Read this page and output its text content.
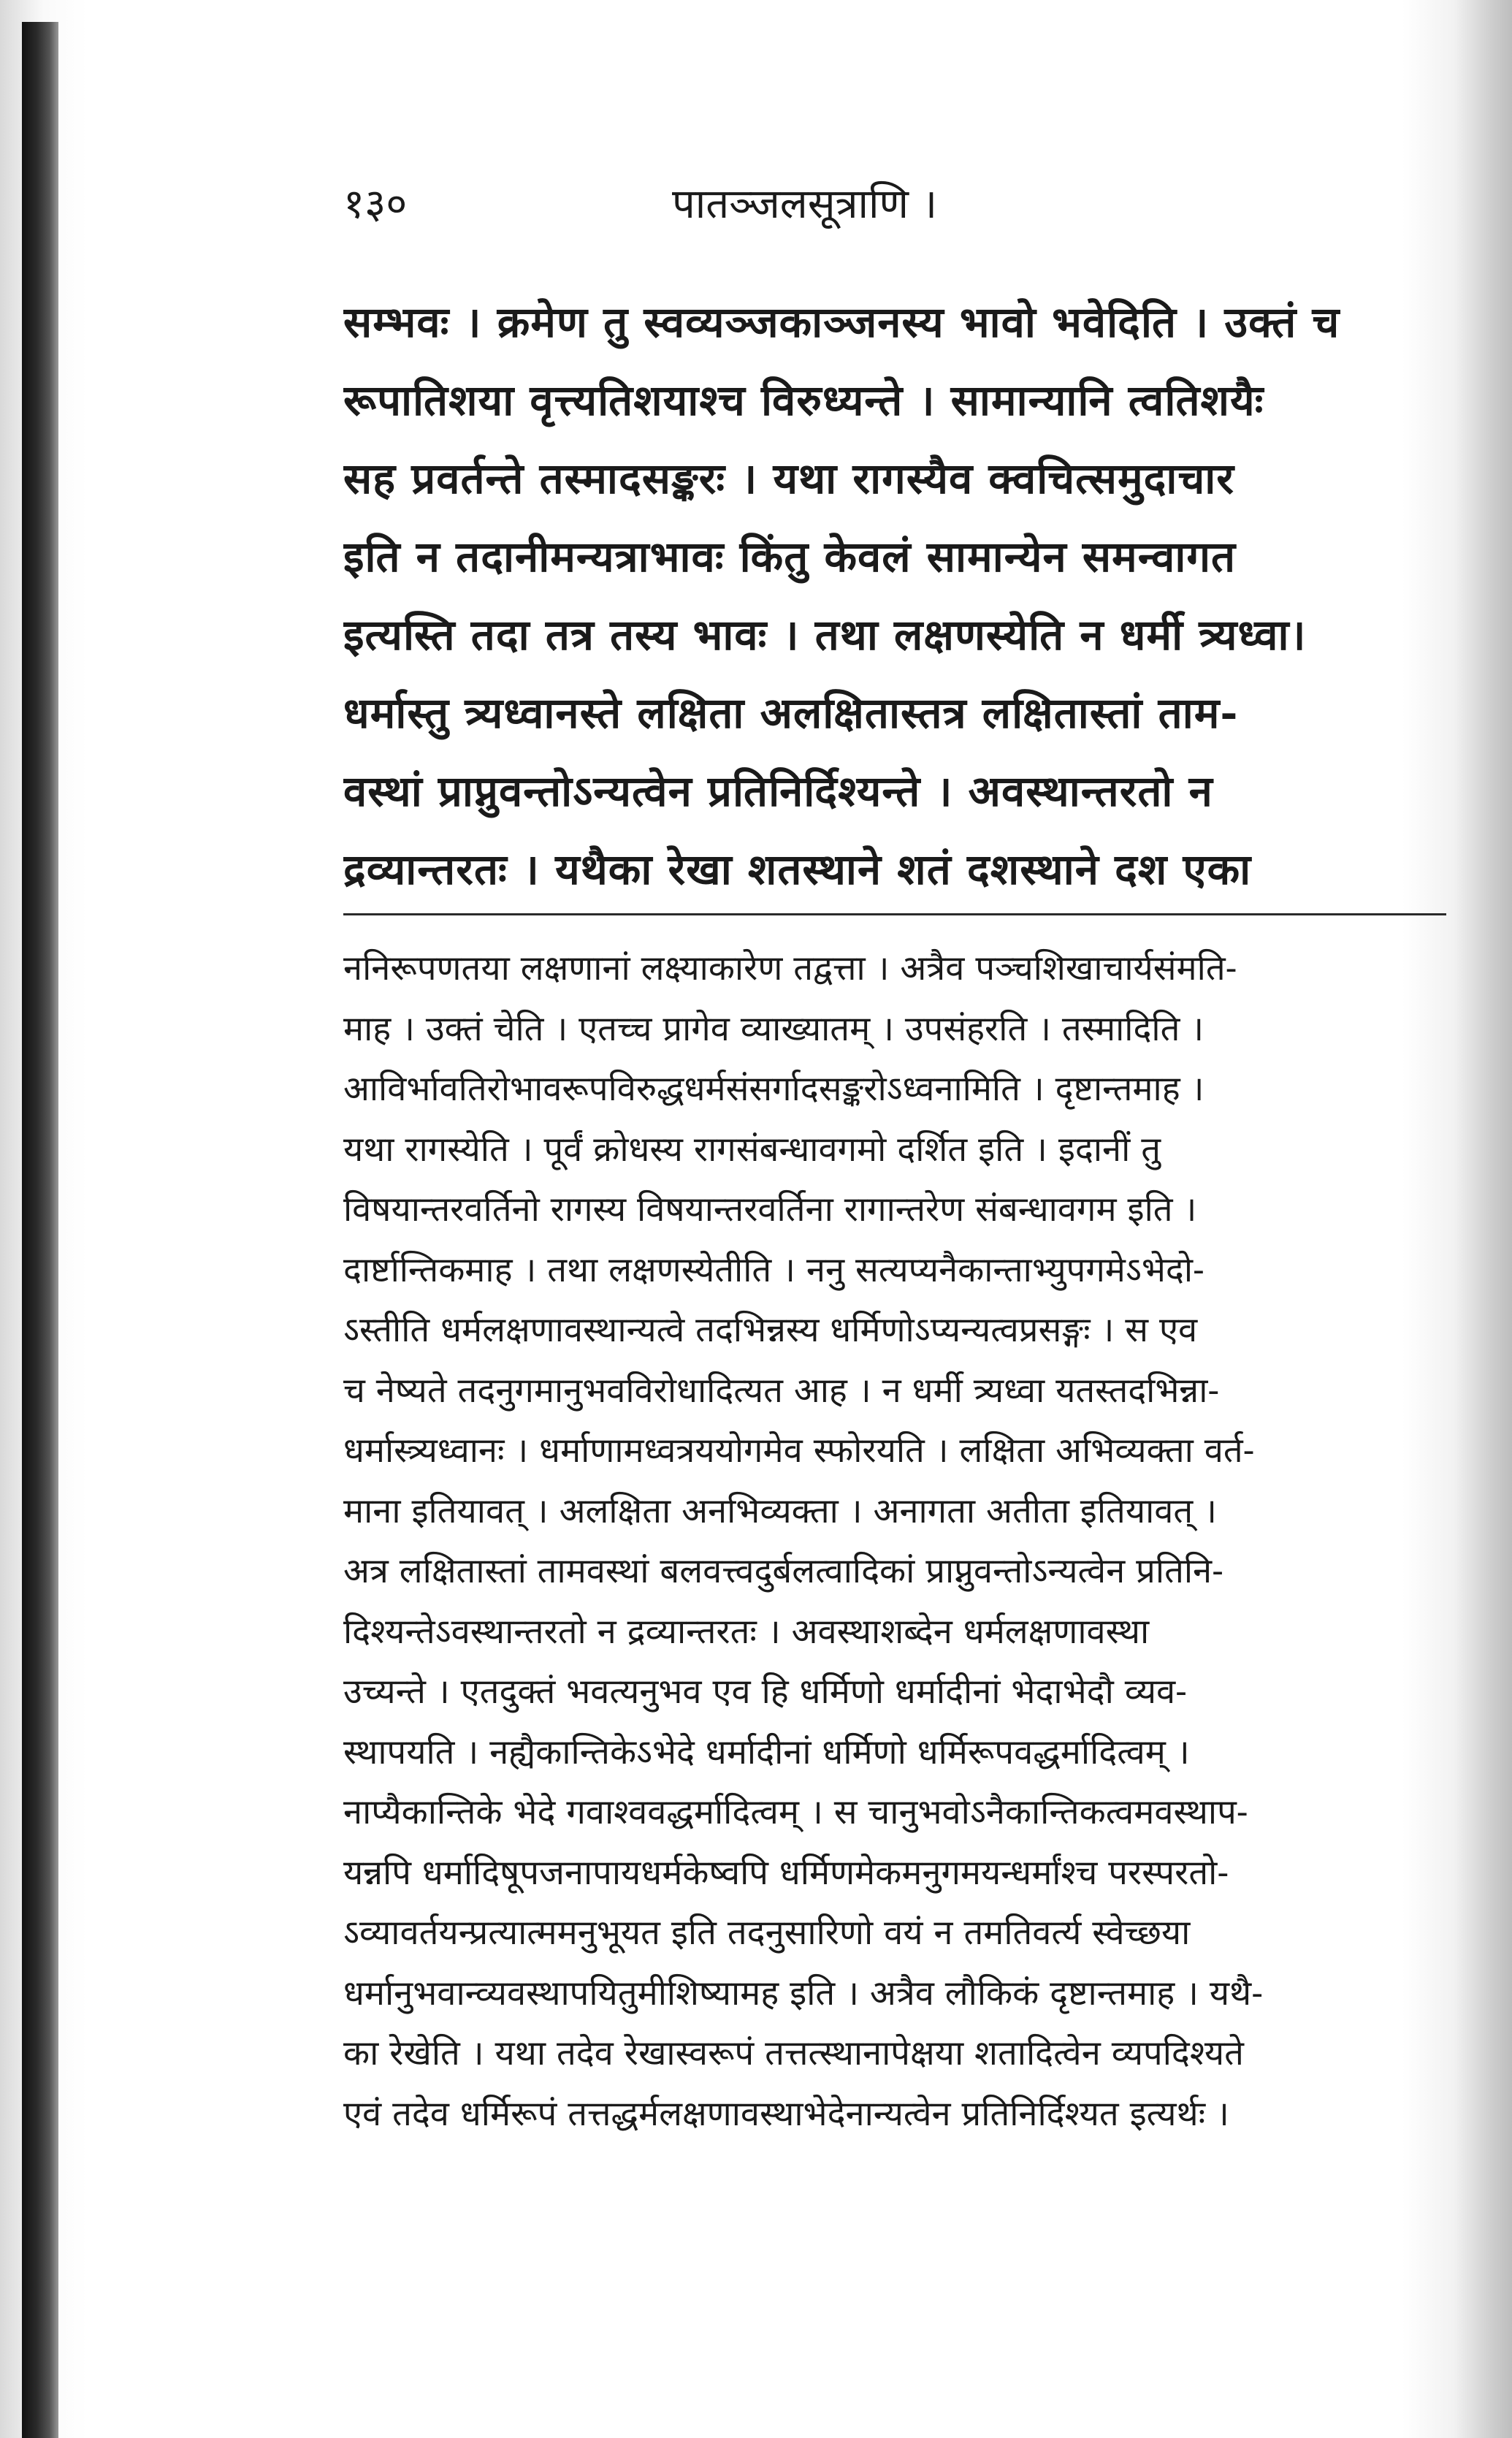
१३०	पातञ्जलसूत्राणि ।
सम्भवः । क्रमेण तु स्वव्यञ्जकाञ्जनस्य भावो भवेदिति । उक्तं च
रूपातिशया वृत्त्यतिशयाश्च विरुध्यन्ते । सामान्यानि त्वतिशयैः
सह प्रवर्तन्ते तस्मादसङ्करः । यथा रागस्यैव क्वचित्समुदाचार
इति न तदानीमन्यत्राभावः किंतु केवलं सामान्येन समन्वागत
इत्यस्ति तदा तत्र तस्य भावः । तथा लक्षणस्येति न धर्मी त्र्यध्वा।
धर्मास्तु त्र्यध्वानस्ते लक्षिता अलक्षितास्तत्र लक्षितास्तां ताम-
वस्थां प्राप्नुवन्तोऽन्यत्वेन प्रतिनिर्दिश्यन्ते । अवस्थान्तरतो न
द्रव्यान्तरतः । यथैका रेखा शतस्थाने शतं दशस्थाने दश एका
ननिरूपणतया लक्षणानां लक्ष्याकारेण तद्वत्ता । अत्रैव पञ्चशिखाचार्यसंमति-
माह । उक्तं चेति । एतच्च प्रागेव व्याख्यातम् । उपसंहरति । तस्मादिति ।
आविर्भावतिरोभावरूपविरुद्धधर्मसंसर्गादसङ्करोऽध्वनामिति । दृष्टान्तमाह ।
यथा रागस्येति । पूर्वं क्रोधस्य रागसंबन्धावगमो दर्शित इति । इदानीं तु
विषयान्तरवर्तिनो रागस्य विषयान्तरवर्तिना रागान्तरेण संबन्धावगम इति ।
दार्ष्टान्तिकमाह । तथा लक्षणस्येतीति । ननु सत्यप्यनैकान्ताभ्युपगमेऽभेदो-
ऽस्तीति धर्मलक्षणावस्थान्यत्वे तदभिन्नस्य धर्मिणोऽप्यन्यत्वप्रसङ्गः । स एव
च नेष्यते तदनुगमानुभवविरोधादित्यत आह । न धर्मी त्र्यध्वा यतस्तदभिन्ना-
धर्मास्त्र्यध्वानः । धर्माणामध्वत्रययोगमेव स्फोरयति । लक्षिता अभिव्यक्ता वर्त-
माना इतियावत् । अलक्षिता अनभिव्यक्ता । अनागता अतीता इतियावत् ।
अत्र लक्षितास्तां तामवस्थां बलवत्त्वदुर्बलत्वादिकां प्राप्नुवन्तोऽन्यत्वेन प्रतिनि-
दिश्यन्तेऽवस्थान्तरतो न द्रव्यान्तरतः । अवस्थाशब्देन धर्मलक्षणावस्था
उच्यन्ते । एतदुक्तं भवत्यनुभव एव हि धर्मिणो धर्मादीनां भेदाभेदौ व्यव-
स्थापयति । नह्यैकान्तिकेऽभेदे धर्मादीनां धर्मिणो धर्मिरूपवद्धर्मादित्वम् ।
नाप्यैकान्तिके भेदे गवाश्ववद्धर्मादित्वम् । स चानुभवोऽनैकान्तिकत्वमवस्थाप-
यन्नपि धर्मादिषूपजनापायधर्मकेष्वपि धर्मिणमेकमनुगमयन्धर्मांश्च परस्परतो-
ऽव्यावर्तयन्प्रत्यात्ममनुभूयत इति तदनुसारिणो वयं न तमतिवर्त्य स्वेच्छया
धर्मानुभवान्व्यवस्थापयितुमीशिष्यामह इति । अत्रैव लौकिकं दृष्टान्तमाह । यथै-
का रेखेति । यथा तदेव रेखास्वरूपं तत्तत्स्थानापेक्षया शतादित्वेन व्यपदिश्यते
एवं तदेव धर्मिरूपं तत्तद्धर्मलक्षणावस्थाभेदेनान्यत्वेन प्रतिनिर्दिश्यत इत्यर्थः ।
